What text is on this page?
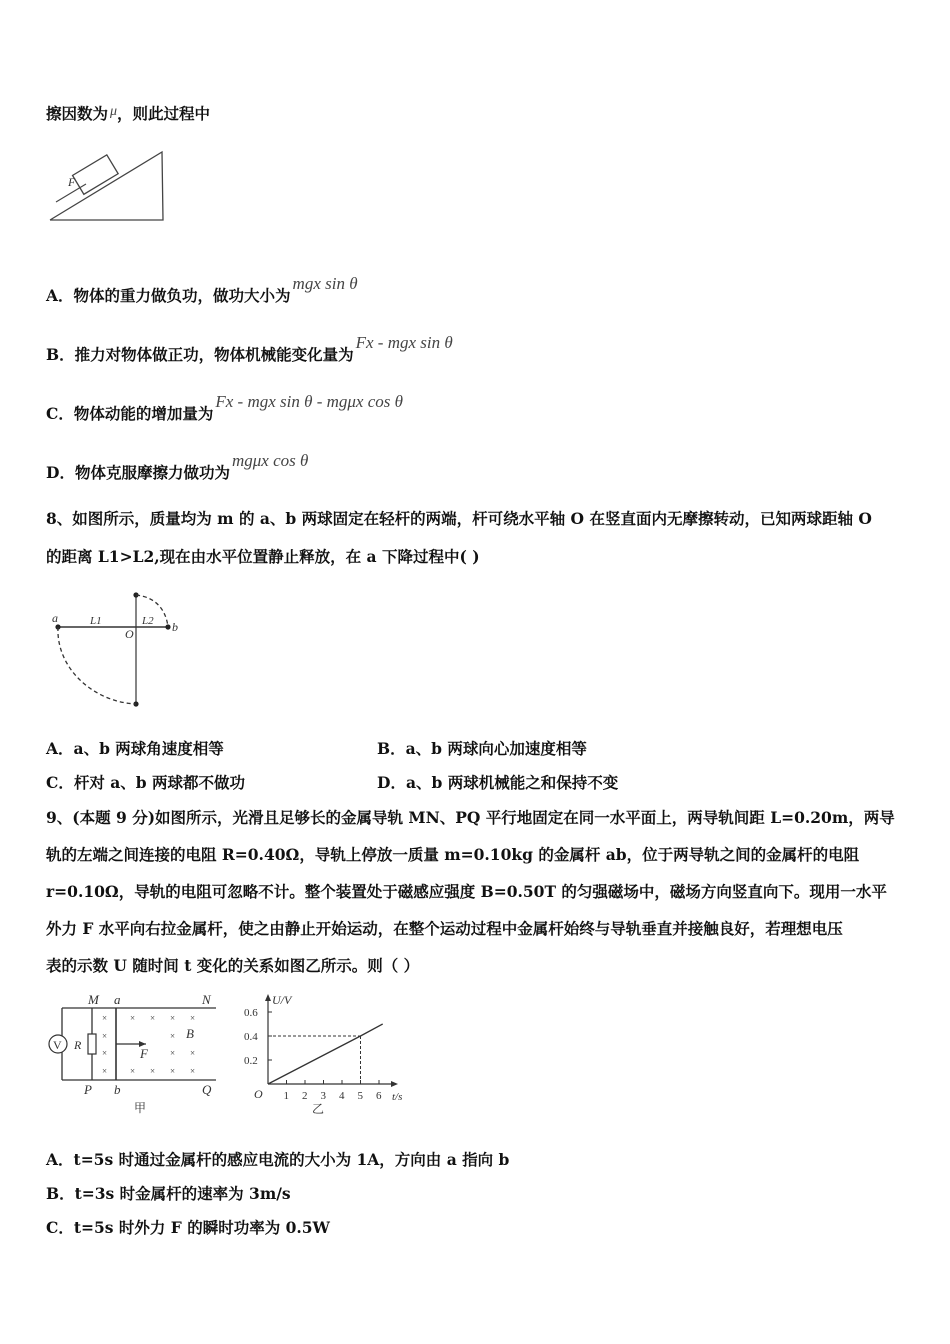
擦因数为 μ，则此过程中
F
A．物体的重力做负功，做功大小为mgx sin θ
B．推力对物体做正功，物体机械能变化量为Fx - mgx sin θ
C．物体动能的增加量为Fx - mgx sin θ - mgμx cos θ
D．物体克服摩擦力做功为mgμx cos θ
8、如图所示，质量均为 m 的 a、b 两球固定在轻杆的两端，杆可绕水平轴 O 在竖直面内无摩擦转动，已知两球距轴 O
的距离 L1>L2,现在由水平位置静止释放，在 a 下降过程中( )
a
b
O
L1	L2
A．a、b 两球角速度相等	B．a、b 两球向心加速度相等
C．杆对 a、b 两球都不做功	D．a、b 两球机械能之和保持不变
9、(本题 9 分)如图所示，光滑且足够长的金属导轨 MN、PQ 平行地固定在同一水平面上，两导轨间距 L=0.20m，两导
轨的左端之间连接的电阻 R=0.40Ω，导轨上停放一质量 m=0.10kg 的金属杆 ab，位于两导轨之间的金属杆的电阻
r=0.10Ω，导轨的电阻可忽略不计。整个装置处于磁感应强度 B=0.50T 的匀强磁场中，磁场方向竖直向下。现用一水平
外力 F 水平向右拉金属杆，使之由静止开始运动，在整个运动过程中金属杆始终与导轨垂直并接触良好，若理想电压
表的示数 U 随时间 t 变化的关系如图乙所示。则（ ）
V R
×	× × × ×
×	×
×	× ×
×	× × × ×
M a	N
B
F
P b	Q
甲
U/V
t/s
O
0.6
0.4
0.2
1 2 3 4 5 6
乙
A．t=5s 时通过金属杆的感应电流的大小为 1A，方向由 a 指向 b
B．t=3s 时金属杆的速率为 3m/s
C．t=5s 时外力 F 的瞬时功率为 0.5W
